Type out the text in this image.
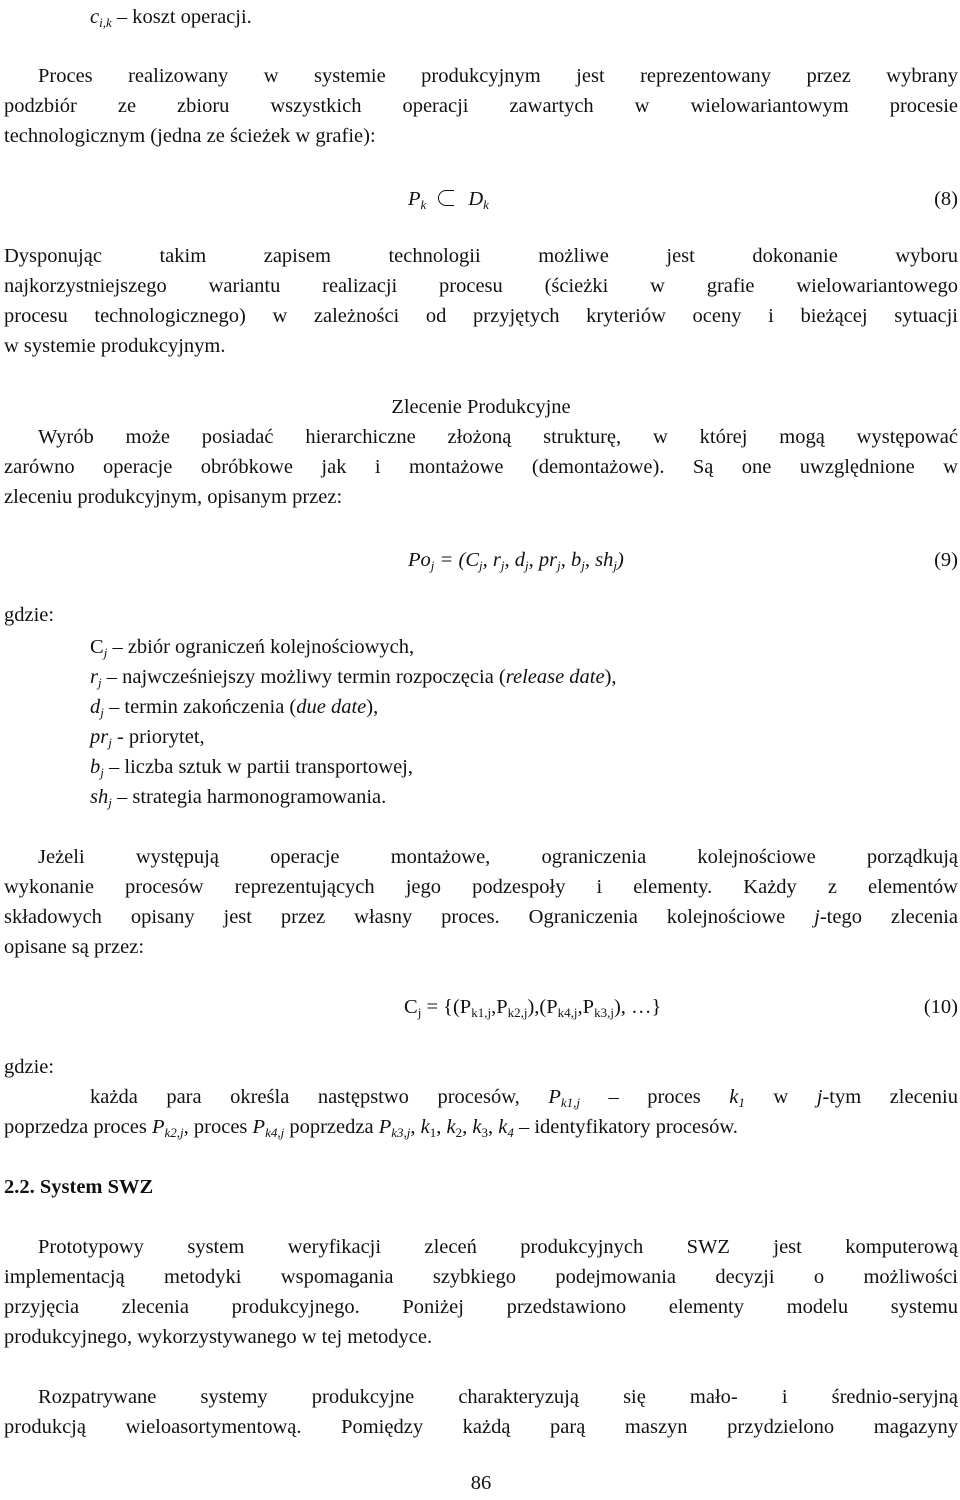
$c_{i,k}$ – koszt operacji.
Proces realizowany w systemie produkcyjnym jest reprezentowany przez wybrany
podzbiór ze zbioru wszystkich operacji zawartych w wielowariantowym procesie
technologicznym (jedna ze ścieżek w grafie):
$P_k$ $D_k$	(8)
Dysponując takim zapisem technologii możliwe jest dokonanie wyboru
najkorzystniejszego wariantu realizacji procesu (ścieżki w grafie wielowariantowego
procesu technologicznego) w zależności od przyjętych kryteriów oceny i bieżącej sytuacji
w systemie produkcyjnym.
Zlecenie Produkcyjne
Wyrób może posiadać hierarchiczne złożoną strukturę, w której mogą występować
zarówno operacje obróbkowe jak i montażowe (demontażowe). Są one uwzględnione w
zleceniu produkcyjnym, opisanym przez:
$Po_j = (C_j$, $r_j$, $d_j$, $pr_j$, $b_j$, $sh_j$)	(9)
gdzie:
$C_j$ – zbiór ograniczeń kolejnościowych,
$r_j$ – najwcześniejszy możliwy termin rozpoczęcia (release date),
$d_j$ – termin zakończenia (due date),
$pr_j$ - priorytet,
$b_j$ – liczba sztuk w partii transportowej,
$sh_j$ – strategia harmonogramowania.
Jeżeli występują operacje montażowe, ograniczenia kolejnościowe porządkują
wykonanie procesów reprezentujących jego podzespoły i elementy. Każdy z elementów
składowych opisany jest przez własny proces. Ograniczenia kolejnościowe j-tego zlecenia
opisane są przez:
$C_j = \{(P_{k1,j},P_{k2,j}),(P_{k4,j},P_{k3,j})$, …}	(10)
gdzie:
każda para określa następstwo procesów, $P_{k1,j}$ – proces $k_1$ w j-tym zleceniu
poprzedza proces $P_{k2,j}$, proces $P_{k4,j}$ poprzedza $P_{k3,j}$, $k_1$, $k_2$, $k_3$, $k_4$ – identyfikatory procesów.
2.2. System SWZ
Prototypowy system weryfikacji zleceń produkcyjnych SWZ jest komputerową
implementacją metodyki wspomagania szybkiego podejmowania decyzji o możliwości
przyjęcia zlecenia produkcyjnego. Poniżej przedstawiono elementy modelu systemu
produkcyjnego, wykorzystywanego w tej metodyce.
Rozpatrywane systemy produkcyjne charakteryzują się mało- i średnio-seryjną
produkcją wieloasortymentową. Pomiędzy każdą parą maszyn przydzielono magazyny
86
